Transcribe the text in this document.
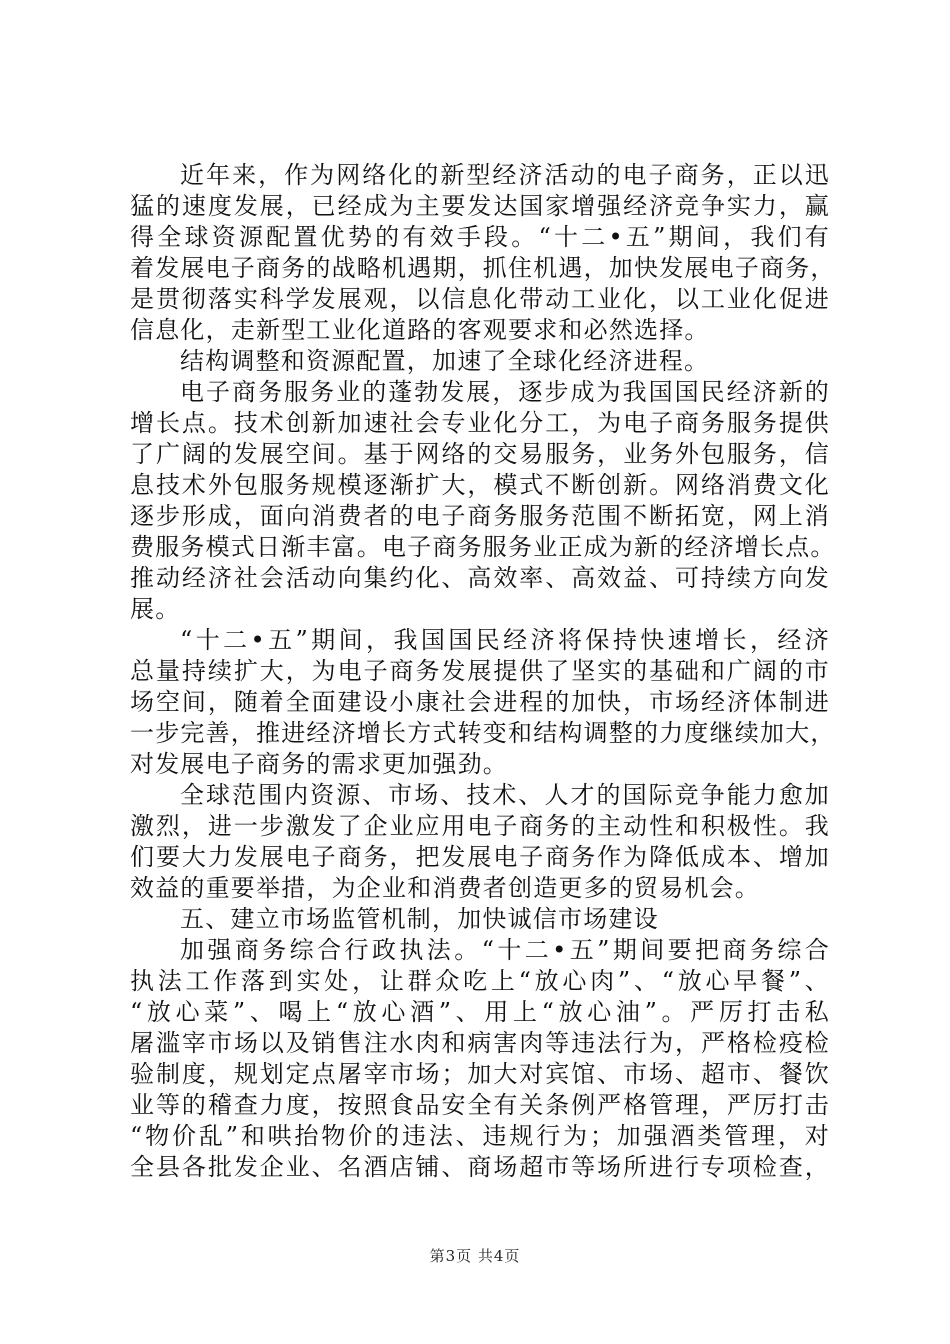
近年来，作为网络化的新型经济活动的电子商务，正以迅
猛的速度发展，已经成为主要发达国家增强经济竞争实力，赢
得全球资源配置优势的有效手段。“十二•五”期间，我们有
着发展电子商务的战略机遇期，抓住机遇，加快发展电子商务，
是贯彻落实科学发展观，以信息化带动工业化，以工业化促进
信息化，走新型工业化道路的客观要求和必然选择。
结构调整和资源配置，加速了全球化经济进程。
电子商务服务业的蓬勃发展，逐步成为我国国民经济新的
增长点。技术创新加速社会专业化分工，为电子商务服务提供
了广阔的发展空间。基于网络的交易服务，业务外包服务，信
息技术外包服务规模逐渐扩大，模式不断创新。网络消费文化
逐步形成，面向消费者的电子商务服务范围不断拓宽，网上消
费服务模式日渐丰富。电子商务服务业正成为新的经济增长点。
推动经济社会活动向集约化、高效率、高效益、可持续方向发
展。
“十二•五”期间，我国国民经济将保持快速增长，经济
总量持续扩大，为电子商务发展提供了坚实的基础和广阔的市
场空间，随着全面建设小康社会进程的加快，市场经济体制进
一步完善，推进经济增长方式转变和结构调整的力度继续加大，
对发展电子商务的需求更加强劲。
全球范围内资源、市场、技术、人才的国际竞争能力愈加
激烈，进一步激发了企业应用电子商务的主动性和积极性。我
们要大力发展电子商务，把发展电子商务作为降低成本、增加
效益的重要举措，为企业和消费者创造更多的贸易机会。
五、建立市场监管机制，加快诚信市场建设
加强商务综合行政执法。“十二•五”期间要把商务综合
执法工作落到实处，让群众吃上“放心肉”、“放心早餐”、
“放心菜”、喝上“放心酒”、用上“放心油”。严厉打击私
屠滥宰市场以及销售注水肉和病害肉等违法行为，严格检疫检
验制度，规划定点屠宰市场；加大对宾馆、市场、超市、餐饮
业等的稽查力度，按照食品安全有关条例严格管理，严厉打击
“物价乱”和哄抬物价的违法、违规行为；加强酒类管理，对
全县各批发企业、名酒店铺、商场超市等场所进行专项检查，
第3页 共4页
